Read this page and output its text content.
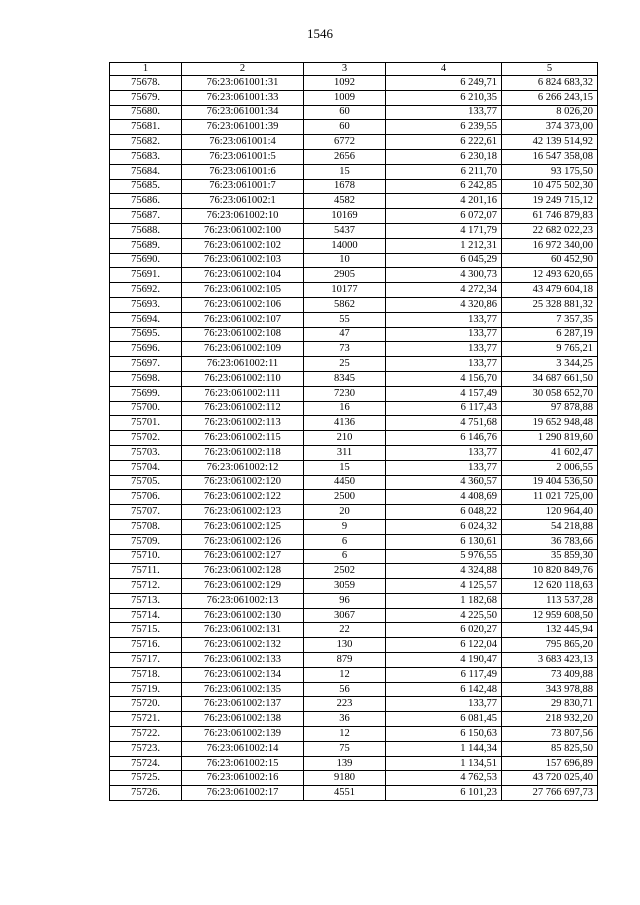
1546
1	2	3	4	5
75678.	76:23:061001:31	1092	6 249,71	6 824 683,32
75679.	76:23:061001:33	1009	6 210,35	6 266 243,15
75680.	76:23:061001:34	60	133,77	8 026,20
75681.	76:23:061001:39	60	6 239,55	374 373,00
75682.	76:23:061001:4	6772	6 222,61	42 139 514,92
75683.	76:23:061001:5	2656	6 230,18	16 547 358,08
75684.	76:23:061001:6	15	6 211,70	93 175,50
75685.	76:23:061001:7	1678	6 242,85	10 475 502,30
75686.	76:23:061002:1	4582	4 201,16	19 249 715,12
75687.	76:23:061002:10	10169	6 072,07	61 746 879,83
75688.	76:23:061002:100	5437	4 171,79	22 682 022,23
75689.	76:23:061002:102	14000	1 212,31	16 972 340,00
75690.	76:23:061002:103	10	6 045,29	60 452,90
75691.	76:23:061002:104	2905	4 300,73	12 493 620,65
75692.	76:23:061002:105	10177	4 272,34	43 479 604,18
75693.	76:23:061002:106	5862	4 320,86	25 328 881,32
75694.	76:23:061002:107	55	133,77	7 357,35
75695.	76:23:061002:108	47	133,77	6 287,19
75696.	76:23:061002:109	73	133,77	9 765,21
75697.	76:23:061002:11	25	133,77	3 344,25
75698.	76:23:061002:110	8345	4 156,70	34 687 661,50
75699.	76:23:061002:111	7230	4 157,49	30 058 652,70
75700.	76:23:061002:112	16	6 117,43	97 878,88
75701.	76:23:061002:113	4136	4 751,68	19 652 948,48
75702.	76:23:061002:115	210	6 146,76	1 290 819,60
75703.	76:23:061002:118	311	133,77	41 602,47
75704.	76:23:061002:12	15	133,77	2 006,55
75705.	76:23:061002:120	4450	4 360,57	19 404 536,50
75706.	76:23:061002:122	2500	4 408,69	11 021 725,00
75707.	76:23:061002:123	20	6 048,22	120 964,40
75708.	76:23:061002:125	9	6 024,32	54 218,88
75709.	76:23:061002:126	6	6 130,61	36 783,66
75710.	76:23:061002:127	6	5 976,55	35 859,30
75711.	76:23:061002:128	2502	4 324,88	10 820 849,76
75712.	76:23:061002:129	3059	4 125,57	12 620 118,63
75713.	76:23:061002:13	96	1 182,68	113 537,28
75714.	76:23:061002:130	3067	4 225,50	12 959 608,50
75715.	76:23:061002:131	22	6 020,27	132 445,94
75716.	76:23:061002:132	130	6 122,04	795 865,20
75717.	76:23:061002:133	879	4 190,47	3 683 423,13
75718.	76:23:061002:134	12	6 117,49	73 409,88
75719.	76:23:061002:135	56	6 142,48	343 978,88
75720.	76:23:061002:137	223	133,77	29 830,71
75721.	76:23:061002:138	36	6 081,45	218 932,20
75722.	76:23:061002:139	12	6 150,63	73 807,56
75723.	76:23:061002:14	75	1 144,34	85 825,50
75724.	76:23:061002:15	139	1 134,51	157 696,89
75725.	76:23:061002:16	9180	4 762,53	43 720 025,40
75726.	76:23:061002:17	4551	6 101,23	27 766 697,73
